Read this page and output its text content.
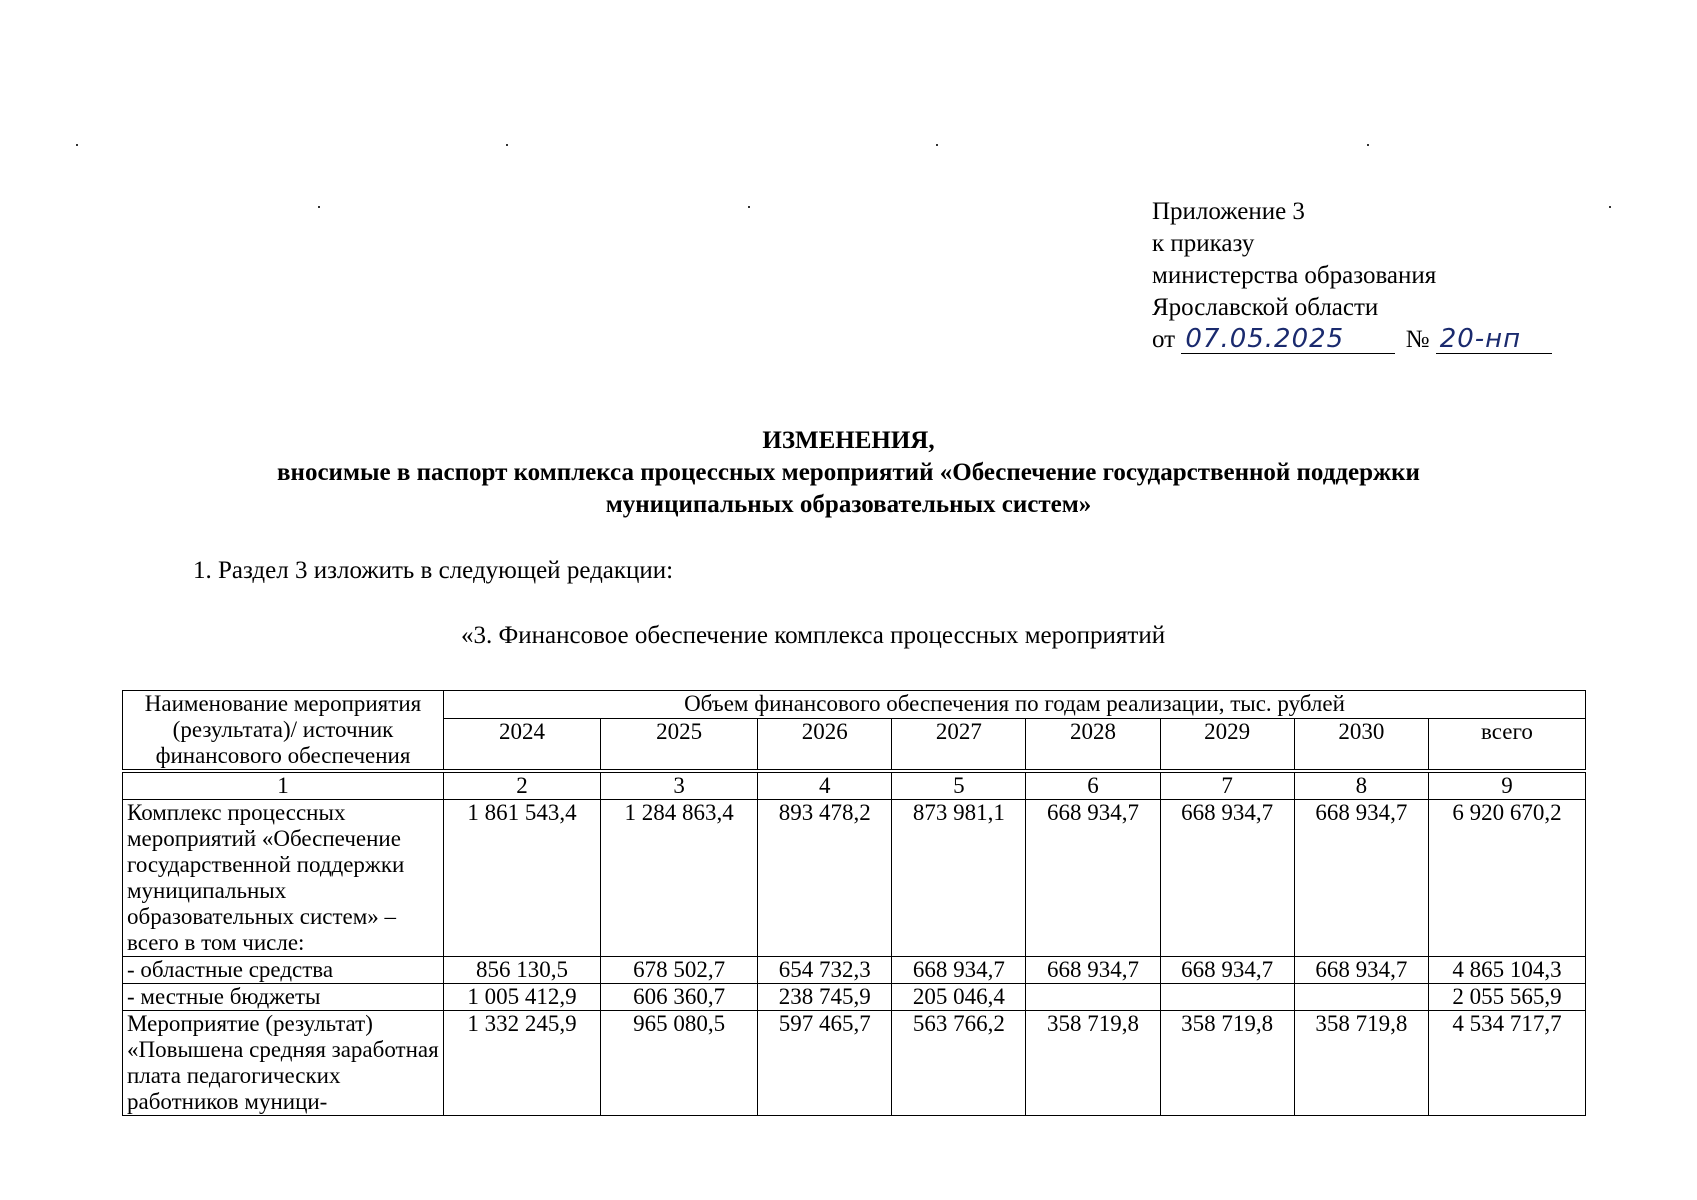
Приложение 3
к приказу
министерства образования
Ярославской области
от 07.05.2025 № 20-нп
ИЗМЕНЕНИЯ,
вносимые в паспорт комплекса процессных мероприятий «Обеспечение государственной поддержки
муниципальных образовательных систем»
1. Раздел 3 изложить в следующей редакции:
«3. Финансовое обеспечение комплекса процессных мероприятий
Наименование мероприятия (результата)/ источник финансового обеспечения	Объем финансового обеспечения по годам реализации, тыс. рублей							
	2024	2025	2026	2027	2028	2029	2030	всего
1	2	3	4	5	6	7	8	9
Комплекс процессных мероприятий «Обеспечение государственной поддержки муниципальных образовательных систем» – всего в том числе:	1 861 543,4	1 284 863,4	893 478,2	873 981,1	668 934,7	668 934,7	668 934,7	6 920 670,2
- областные средства	856 130,5	678 502,7	654 732,3	668 934,7	668 934,7	668 934,7	668 934,7	4 865 104,3
- местные бюджеты	1 005 412,9	606 360,7	238 745,9	205 046,4				2 055 565,9
Мероприятие (результат) «Повышена средняя заработная плата педагогических работников муници-	1 332 245,9	965 080,5	597 465,7	563 766,2	358 719,8	358 719,8	358 719,8	4 534 717,7
